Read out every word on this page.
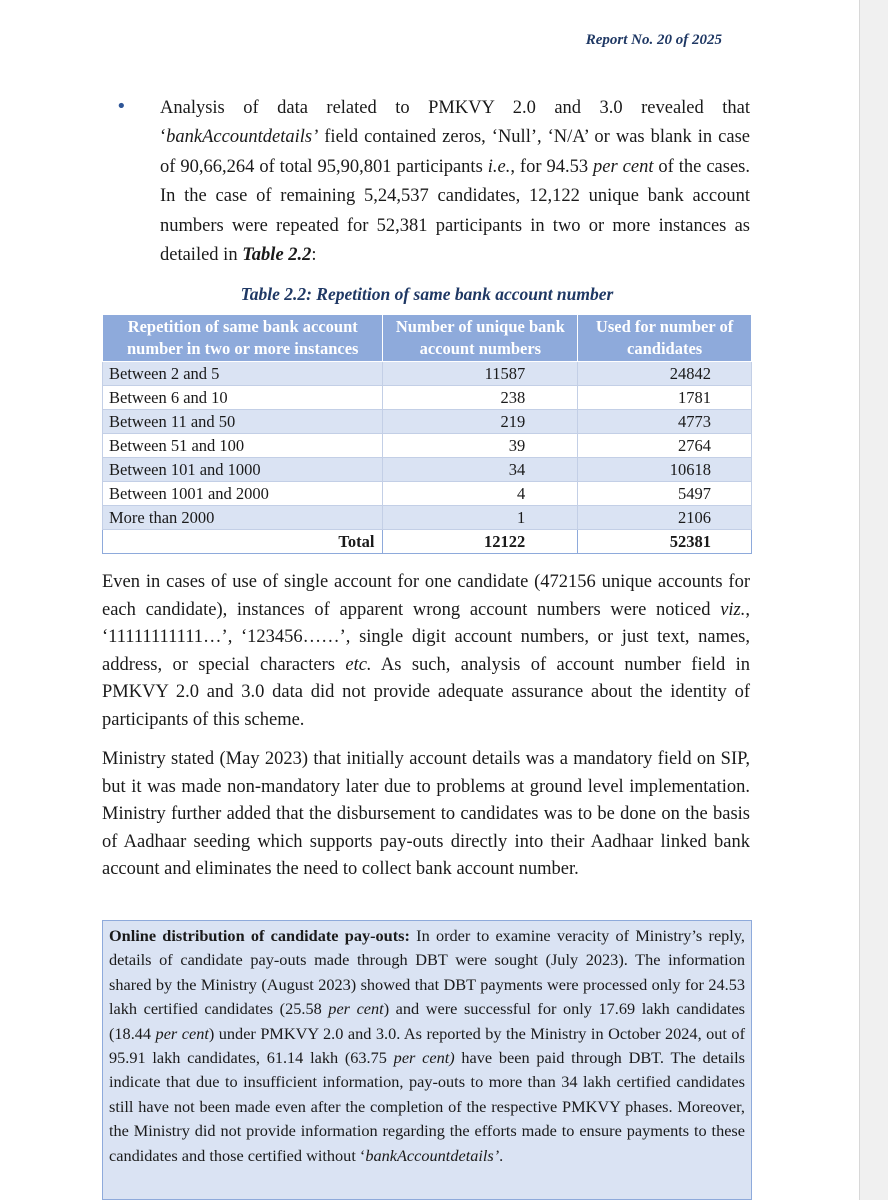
Report No. 20 of 2025
• Analysis of data related to PMKVY 2.0 and 3.0 revealed that ‘bankAccountdetails’ field contained zeros, ‘Null’, ‘N/A’ or was blank in case of 90,66,264 of total 95,90,801 participants i.e., for 94.53 per cent of the cases. In the case of remaining 5,24,537 candidates, 12,122 unique bank account numbers were repeated for 52,381 participants in two or more instances as detailed in Table 2.2:
Table 2.2: Repetition of same bank account number
Repetition of same bank account number in two or more instances	Number of unique bank account numbers	Used for number of candidates
Between 2 and 5	11587	24842
Between 6 and 10	238	1781
Between 11 and 50	219	4773
Between 51 and 100	39	2764
Between 101 and 1000	34	10618
Between 1001 and 2000	4	5497
More than 2000	1	2106
Total	12122	52381

Even in cases of use of single account for one candidate (472156 unique accounts for each candidate), instances of apparent wrong account numbers were noticed viz., ‘11111111111…’, ‘123456……’, single digit account numbers, or just text, names, address, or special characters etc. As such, analysis of account number field in PMKVY 2.0 and 3.0 data did not provide adequate assurance about the identity of participants of this scheme.

Ministry stated (May 2023) that initially account details was a mandatory field on SIP, but it was made non-mandatory later due to problems at ground level implementation. Ministry further added that the disbursement to candidates was to be done on the basis of Aadhaar seeding which supports pay-outs directly into their Aadhaar linked bank account and eliminates the need to collect bank account number.

Online distribution of candidate pay-outs: In order to examine veracity of Ministry’s reply, details of candidate pay-outs made through DBT were sought (July 2023). The information shared by the Ministry (August 2023) showed that DBT payments were processed only for 24.53 lakh certified candidates (25.58 per cent) and were successful for only 17.69 lakh candidates (18.44 per cent) under PMKVY 2.0 and 3.0. As reported by the Ministry in October 2024, out of 95.91 lakh candidates, 61.14 lakh (63.75 per cent) have been paid through DBT. The details indicate that due to insufficient information, pay-outs to more than 34 lakh certified candidates still have not been made even after the completion of the respective PMKVY phases. Moreover, the Ministry did not provide information regarding the efforts made to ensure payments to these candidates and those certified without ‘bankAccountdetails’.
